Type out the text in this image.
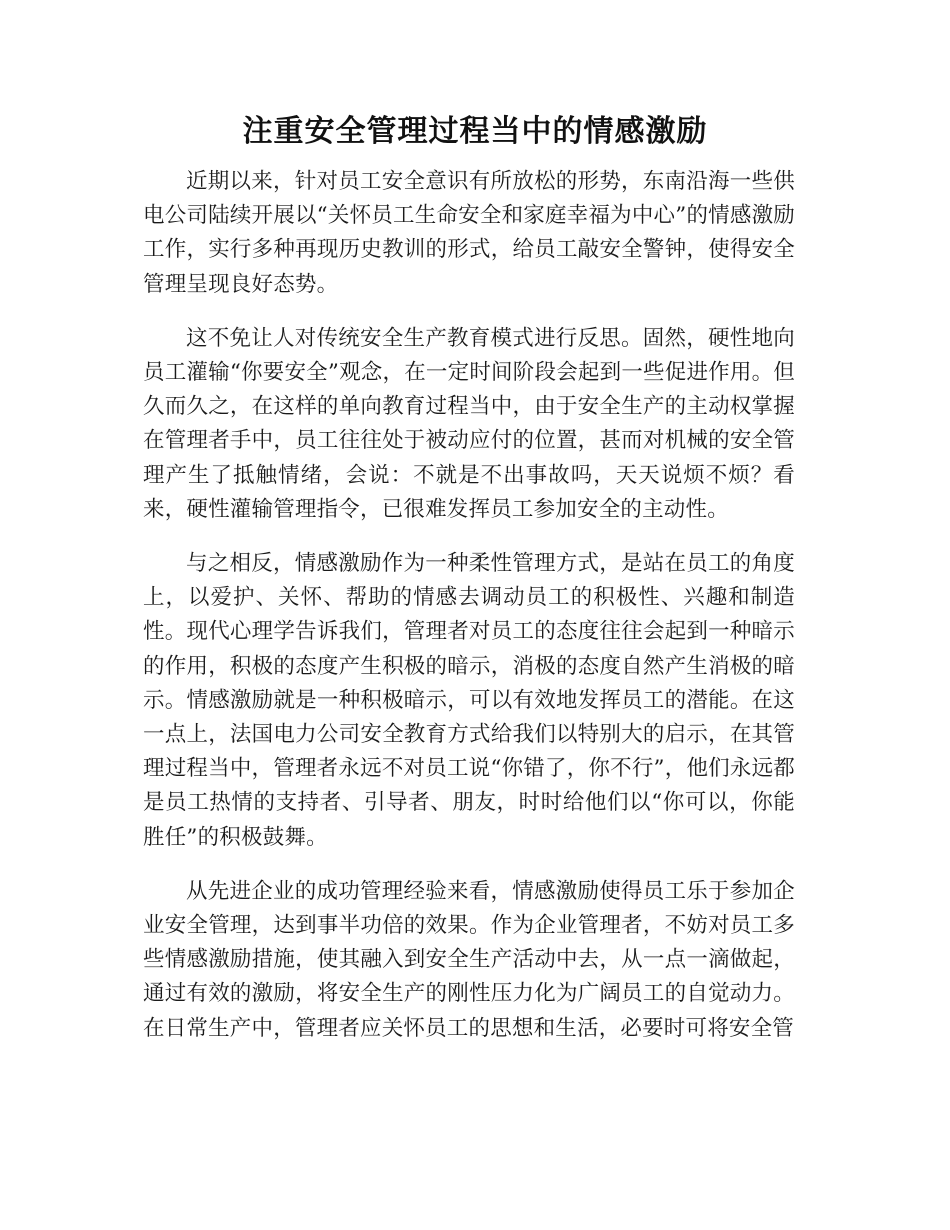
注重安全管理过程当中的情感激励

近期以来，针对员工安全意识有所放松的形势，东南沿海一些供电公司陆续开展以“关怀员工生命安全和家庭幸福为中心”的情感激励工作，实行多种再现历史教训的形式，给员工敲安全警钟，使得安全管理呈现良好态势。

这不免让人对传统安全生产教育模式进行反思。固然，硬性地向员工灌输“你要安全”观念，在一定时间阶段会起到一些促进作用。但久而久之，在这样的单向教育过程当中，由于安全生产的主动权掌握在管理者手中，员工往往处于被动应付的位置，甚而对机械的安全管理产生了抵触情绪，会说：不就是不出事故吗，天天说烦不烦？看来，硬性灌输管理指令，已很难发挥员工参加安全的主动性。

与之相反，情感激励作为一种柔性管理方式，是站在员工的角度上，以爱护、关怀、帮助的情感去调动员工的积极性、兴趣和制造性。现代心理学告诉我们，管理者对员工的态度往往会起到一种暗示的作用，积极的态度产生积极的暗示，消极的态度自然产生消极的暗示。情感激励就是一种积极暗示，可以有效地发挥员工的潜能。在这一点上，法国电力公司安全教育方式给我们以特别大的启示，在其管理过程当中，管理者永远不对员工说“你错了，你不行”，他们永远都是员工热情的支持者、引导者、朋友，时时给他们以“你可以，你能胜任”的积极鼓舞。

从先进企业的成功管理经验来看，情感激励使得员工乐于参加企业安全管理，达到事半功倍的效果。作为企业管理者，不妨对员工多些情感激励措施，使其融入到安全生产活动中去，从一点一滴做起，通过有效的激励，将安全生产的刚性压力化为广阔员工的自觉动力。在日常生产中，管理者应关怀员工的思想和生活，必要时可将安全管
